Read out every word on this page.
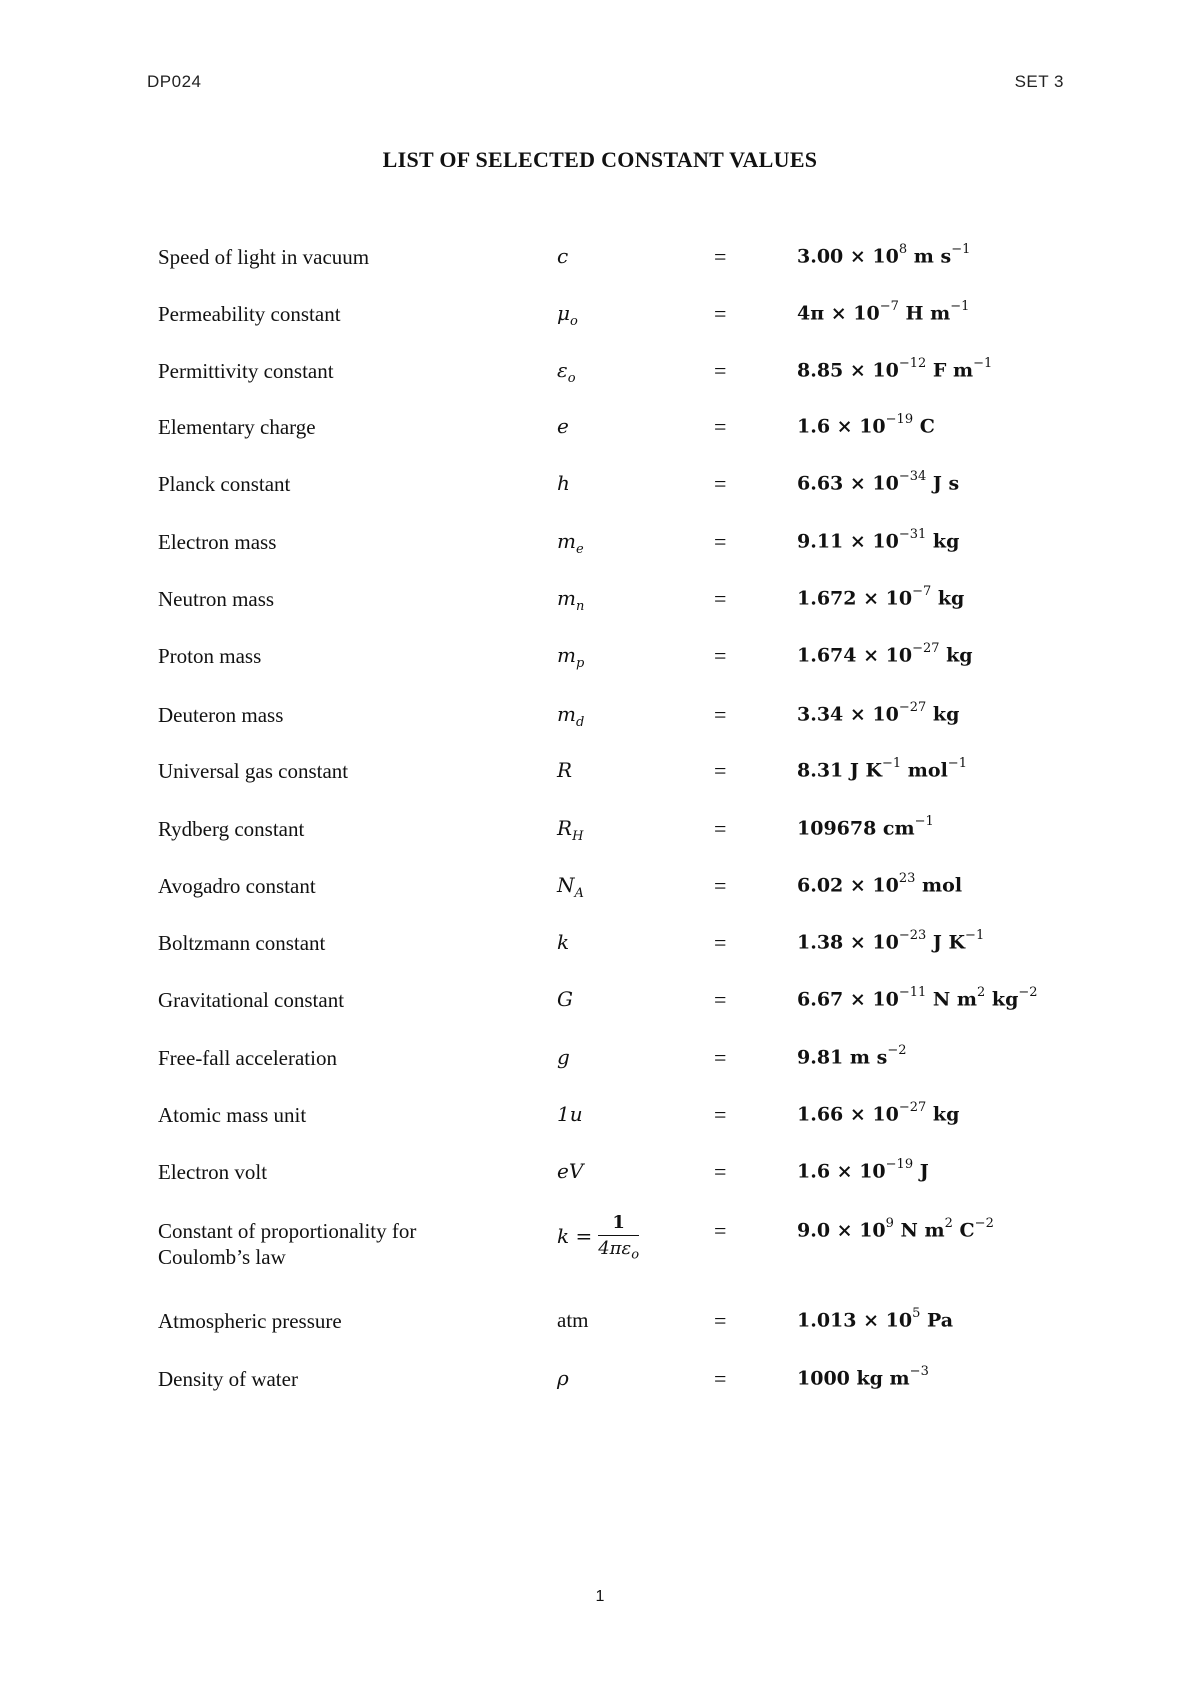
DP024	SET 3
LIST OF SELECTED CONSTANT VALUES
Speed of light in vacuum	c	=	$3.00 \times 10^8$ m $s^{-1}$
Permeability constant	$\mu_o$	=	$4\pi \times 10^{-7}$ H $m^{-1}$
Permittivity constant	$\varepsilon_o$	=	$8.85 \times 10^{-12}$ F $m^{-1}$
Elementary charge	e	=	$1.6 \times 10^{-19}$ C
Planck constant	h	=	$6.63 \times 10^{-34}$ J s
Electron mass	$m_e$	=	$9.11 \times 10^{-31}$ kg
Neutron mass	$m_n$	=	$1.672 \times 10^{-7}$ kg
Proton mass	$m_p$	=	$1.674 \times 10^{-27}$ kg
Deuteron mass	$m_d$	=	$3.34 \times 10^{-27}$ kg
Universal gas constant	R	=	8.31 J $K^{-1}$ mol$^{-1}$
Rydberg constant	$R_H$	=	109678 $cm^{-1}$
Avogadro constant	$N_A$	=	$6.02 \times 10^{23}$ mol
Boltzmann constant	k	=	$1.38 \times 10^{-23}$ J $K^{-1}$
Gravitational constant	G	=	$6.67 \times 10^{-11}$ N $m^2$ $kg^{-2}$
Free-fall acceleration	g	=	9.81 m $s^{-2}$
Atomic mass unit	1u	=	$1.66 \times 10^{-27}$ kg
Electron volt	eV	=	$1.6 \times 10^{-19}$ J
Constant of proportionality for
Coulomb’s law
$k = \frac{1}{4\pi\varepsilon_o}$	=	$9.0 \times 10^9$ N $m^2$ $C^{-2}$
Atmospheric pressure	atm	=	$1.013 \times 10^5$ Pa
Density of water	ρ	=	1000 kg $m^{-3}$
1
